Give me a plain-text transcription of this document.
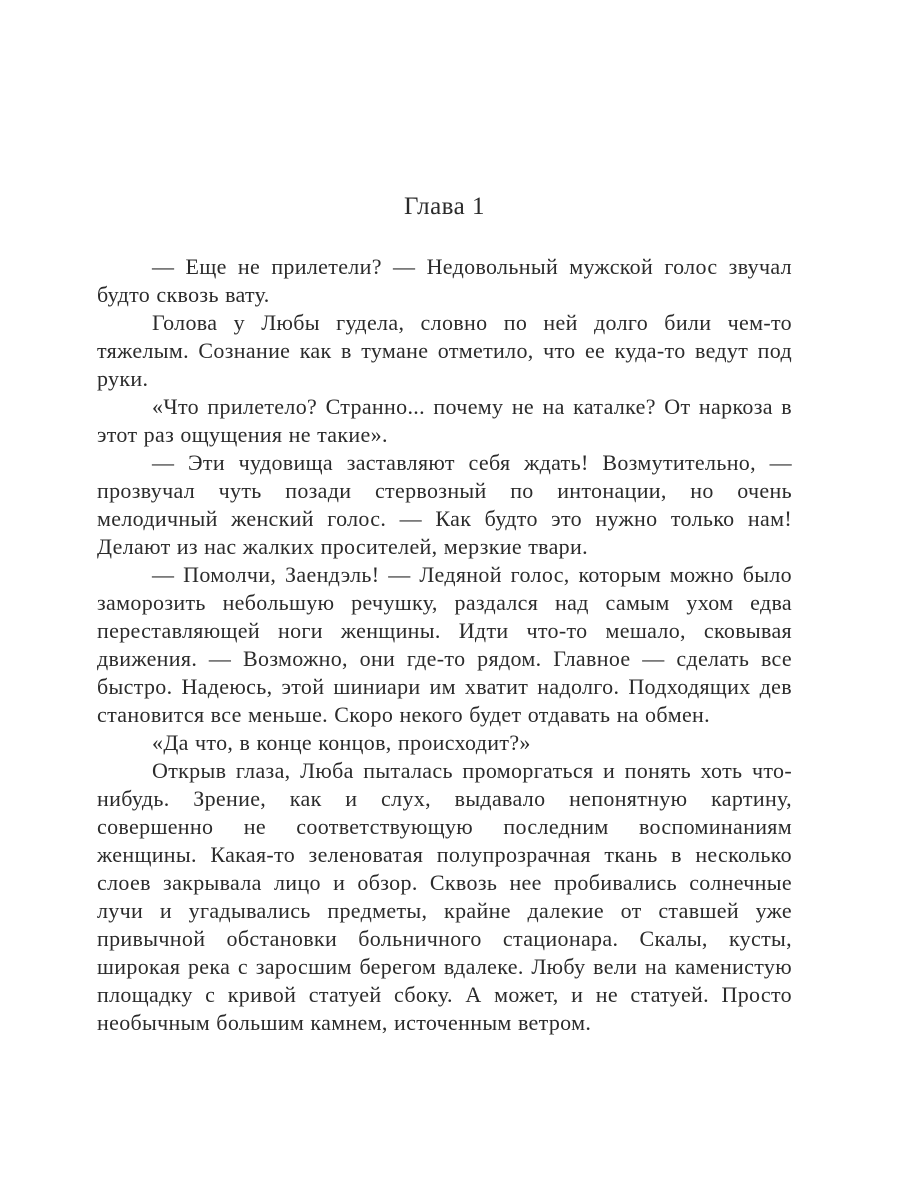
Глава 1

— Еще не прилетели? — Недовольный мужской голос звучал будто сквозь вату.

Голова у Любы гудела, словно по ней долго били чем-то тяжелым. Сознание как в тумане отметило, что ее куда-то ведут под руки.

«Что прилетело? Странно... почему не на каталке? От наркоза в этот раз ощущения не такие».

— Эти чудовища заставляют себя ждать! Возмутительно, — прозвучал чуть позади стервозный по интонации, но очень мелодичный женский голос. — Как будто это нужно только нам! Делают из нас жалких просителей, мерзкие твари.

— Помолчи, Заендэль! — Ледяной голос, которым можно было заморозить небольшую речушку, раздался над самым ухом едва переставляющей ноги женщины. Идти что-то мешало, сковывая движения. — Возможно, они где-то рядом. Главное — сделать все быстро. Надеюсь, этой шиниари им хватит надолго. Подходящих дев становится все меньше. Скоро некого будет отдавать на обмен.

«Да что, в конце концов, происходит?»

Открыв глаза, Люба пыталась проморгаться и понять хоть что-нибудь. Зрение, как и слух, выдавало непонятную картину, совершенно не соответствующую последним воспоминаниям женщины. Какая-то зеленоватая полупрозрачная ткань в несколько слоев закрывала лицо и обзор. Сквозь нее пробивались солнечные лучи и угадывались предметы, крайне далекие от ставшей уже привычной обстановки больничного стационара. Скалы, кусты, широкая река с заросшим берегом вдалеке. Любу вели на каменистую площадку с кривой статуей сбоку. А может, и не статуей. Просто необычным большим камнем, источенным ветром.
